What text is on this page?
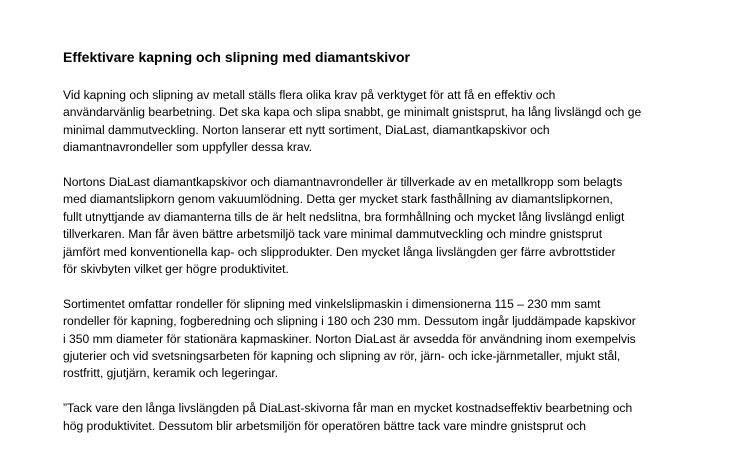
Effektivare kapning och slipning med diamantskivor
Vid kapning och slipning av metall ställs flera olika krav på verktyget för att få en effektiv och
användarvänlig bearbetning. Det ska kapa och slipa snabbt, ge minimalt gnistsprut, ha lång livslängd och ge
minimal dammutveckling. Norton lanserar ett nytt sortiment, DiaLast, diamantkapskivor och
diamantnavrondeller som uppfyller dessa krav.
Nortons DiaLast diamantkapskivor och diamantnavrondeller är tillverkade av en metallkropp som belagts
med diamantslipkorn genom vakuumlödning. Detta ger mycket stark fasthållning av diamantslipkornen,
fullt utnyttjande av diamanterna tills de är helt nedslitna, bra formhållning och mycket lång livslängd enligt
tillverkaren. Man får även bättre arbetsmiljö tack vare minimal dammutveckling och mindre gnistsprut
jämfört med konventionella kap- och slipprodukter. Den mycket långa livslängden ger färre avbrottstider
för skivbyten vilket ger högre produktivitet.
Sortimentet omfattar rondeller för slipning med vinkelslipmaskin i dimensionerna 115 – 230 mm samt
rondeller för kapning, fogberedning och slipning i 180 och 230 mm. Dessutom ingår ljuddämpade kapskivor
i 350 mm diameter för stationära kapmaskiner. Norton DiaLast är avsedda för användning inom exempelvis
gjuterier och vid svetsningsarbeten för kapning och slipning av rör, järn- och icke-järnmetaller, mjukt stål,
rostfritt, gjutjärn, keramik och legeringar.
”Tack vare den långa livslängden på DiaLast-skivorna får man en mycket kostnadseffektiv bearbetning och
hög produktivitet. Dessutom blir arbetsmiljön för operatören bättre tack vare mindre gnistsprut och
